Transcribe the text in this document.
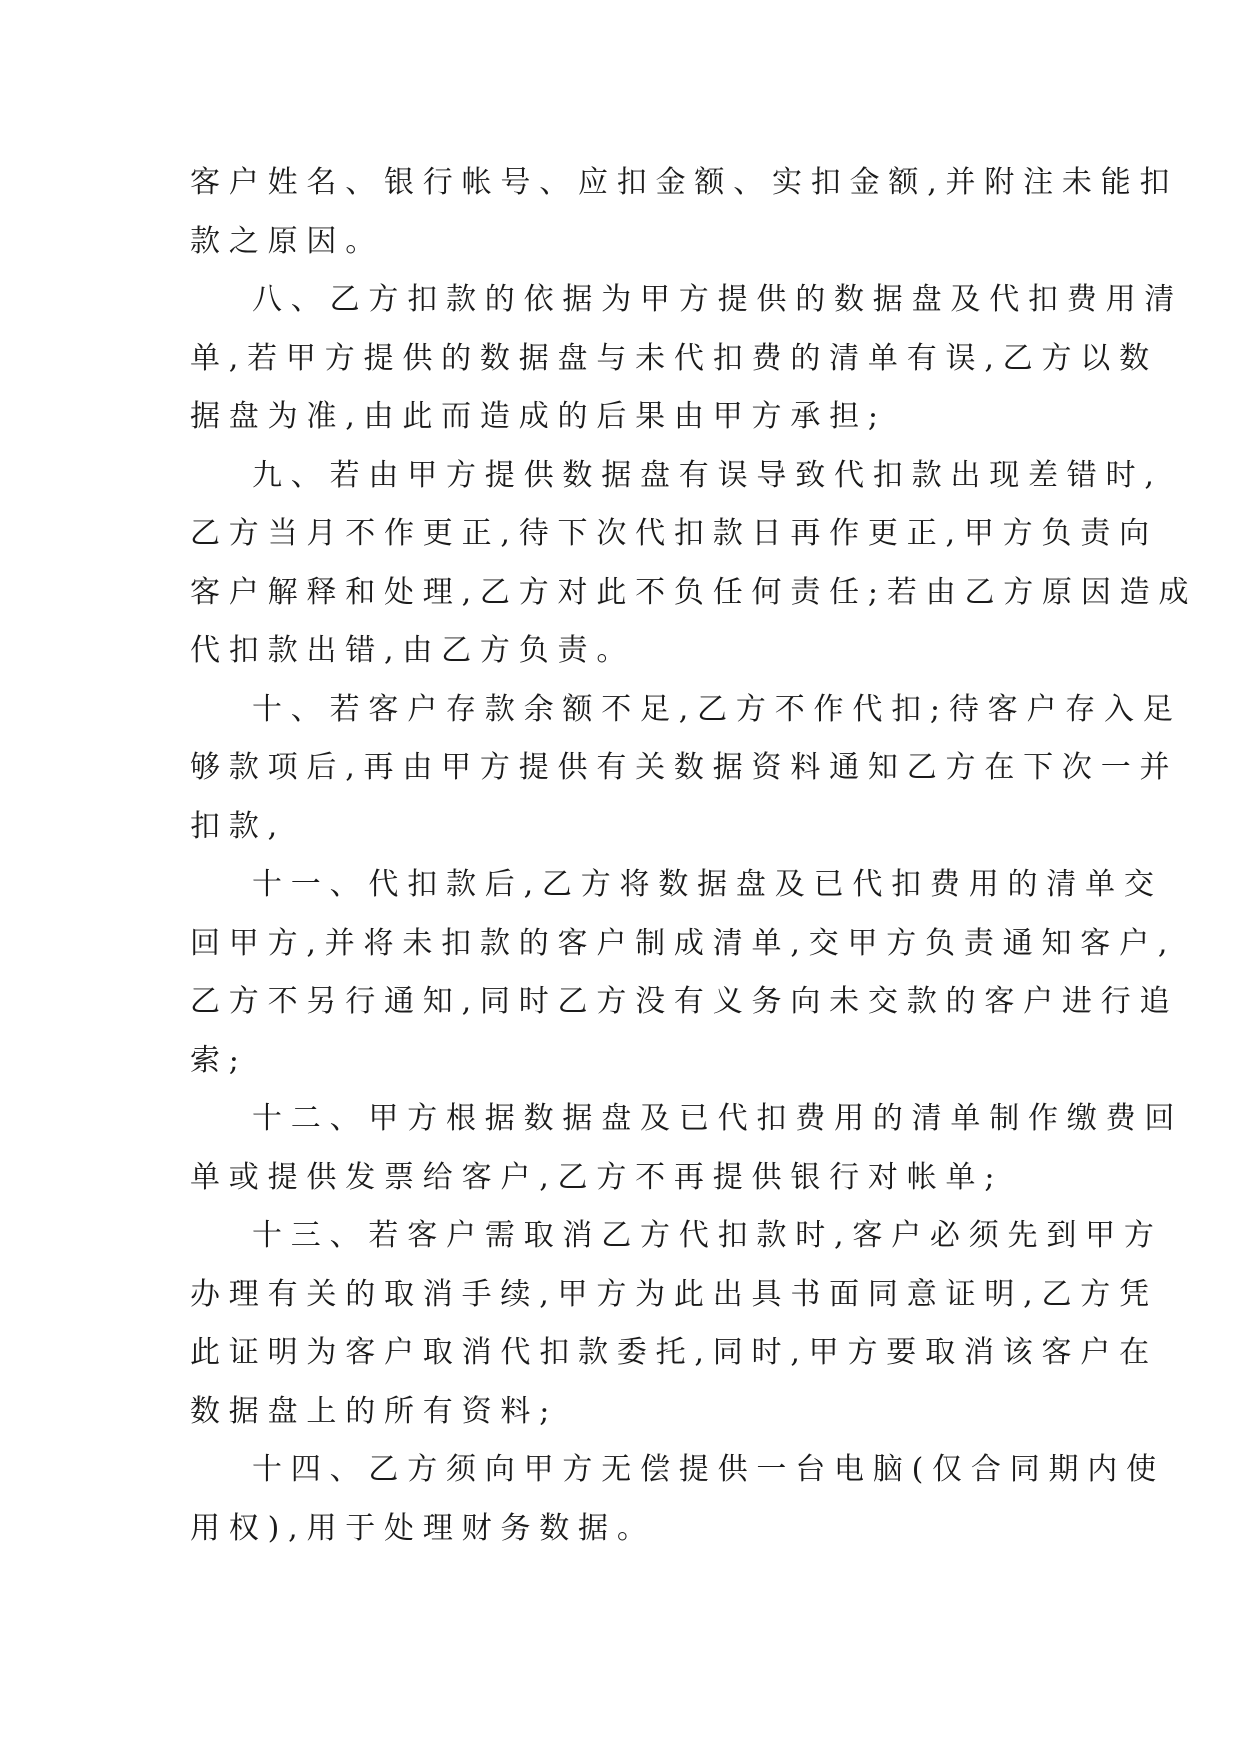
客户姓名、银行帐号、应扣金额、实扣金额,并附注未能扣
款之原因。

八、乙方扣款的依据为甲方提供的数据盘及代扣费用清
单,若甲方提供的数据盘与未代扣费的清单有误,乙方以数
据盘为准,由此而造成的后果由甲方承担;

九、若由甲方提供数据盘有误导致代扣款出现差错时,
乙方当月不作更正,待下次代扣款日再作更正,甲方负责向
客户解释和处理,乙方对此不负任何责任;若由乙方原因造成
代扣款出错,由乙方负责。

十、若客户存款余额不足,乙方不作代扣;待客户存入足
够款项后,再由甲方提供有关数据资料通知乙方在下次一并
扣款,

十一、代扣款后,乙方将数据盘及已代扣费用的清单交
回甲方,并将未扣款的客户制成清单,交甲方负责通知客户,
乙方不另行通知,同时乙方没有义务向未交款的客户进行追
索;

十二、甲方根据数据盘及已代扣费用的清单制作缴费回
单或提供发票给客户,乙方不再提供银行对帐单;

十三、若客户需取消乙方代扣款时,客户必须先到甲方
办理有关的取消手续,甲方为此出具书面同意证明,乙方凭
此证明为客户取消代扣款委托,同时,甲方要取消该客户在
数据盘上的所有资料;

十四、乙方须向甲方无偿提供一台电脑(仅合同期内使
用权),用于处理财务数据。
